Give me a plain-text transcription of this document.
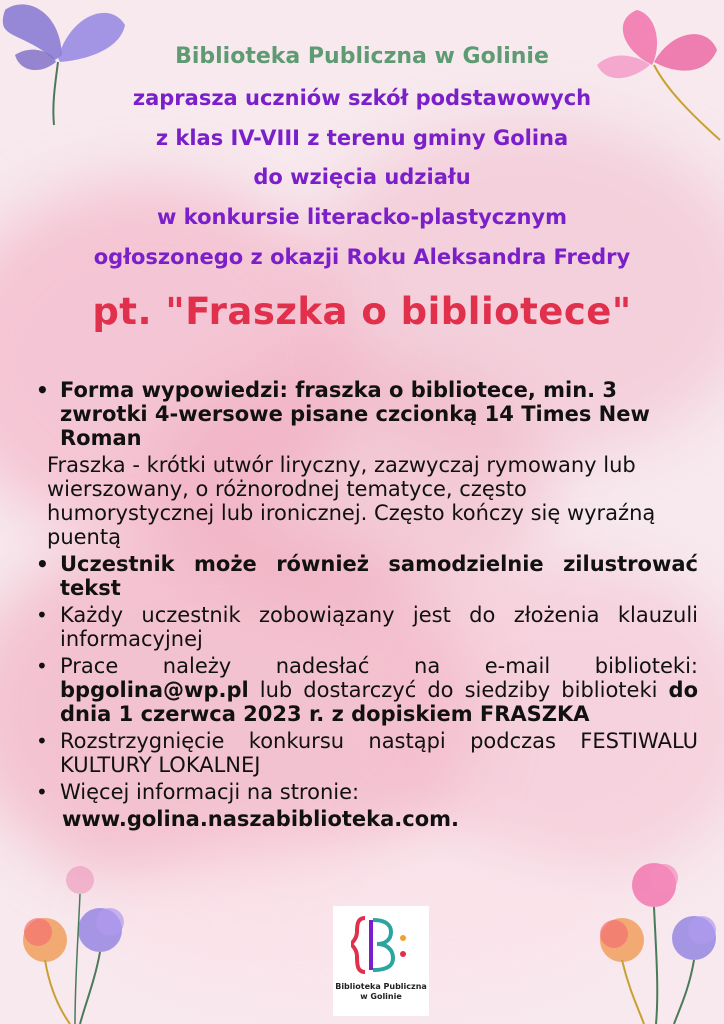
Biblioteka Publiczna w Golinie
zaprasza uczniów szkół podstawowych
z klas IV-VIII z terenu gminy Golina
do wzięcia udziału
w konkursie literacko-plastycznym
ogłoszonego z okazji Roku Aleksandra Fredry
pt. "Fraszka o bibliotece"
• Forma wypowiedzi: fraszka o bibliotece, min. 3 zwrotki 4-wersowe pisane czcionką 14 Times New Roman
Fraszka - krótki utwór liryczny, zazwyczaj rymowany lub wierszowany, o różnorodnej tematyce, często humorystycznej lub ironicznej. Często kończy się wyraźną puentą
• Uczestnik może również samodzielnie zilustrować tekst
• Każdy uczestnik zobowiązany jest do złożenia klauzuli informacyjnej
• Prace należy nadesłać na e-mail biblioteki: bpgolina@wp.pl lub dostarczyć do siedziby biblioteki do dnia 1 czerwca 2023 r. z dopiskiem FRASZKA
• Rozstrzygnięcie konkursu nastąpi podczas FESTIWALU KULTURY LOKALNEJ
• Więcej informacji na stronie:
www.golina.naszabiblioteka.com.
Biblioteka Publiczna
w Golinie
